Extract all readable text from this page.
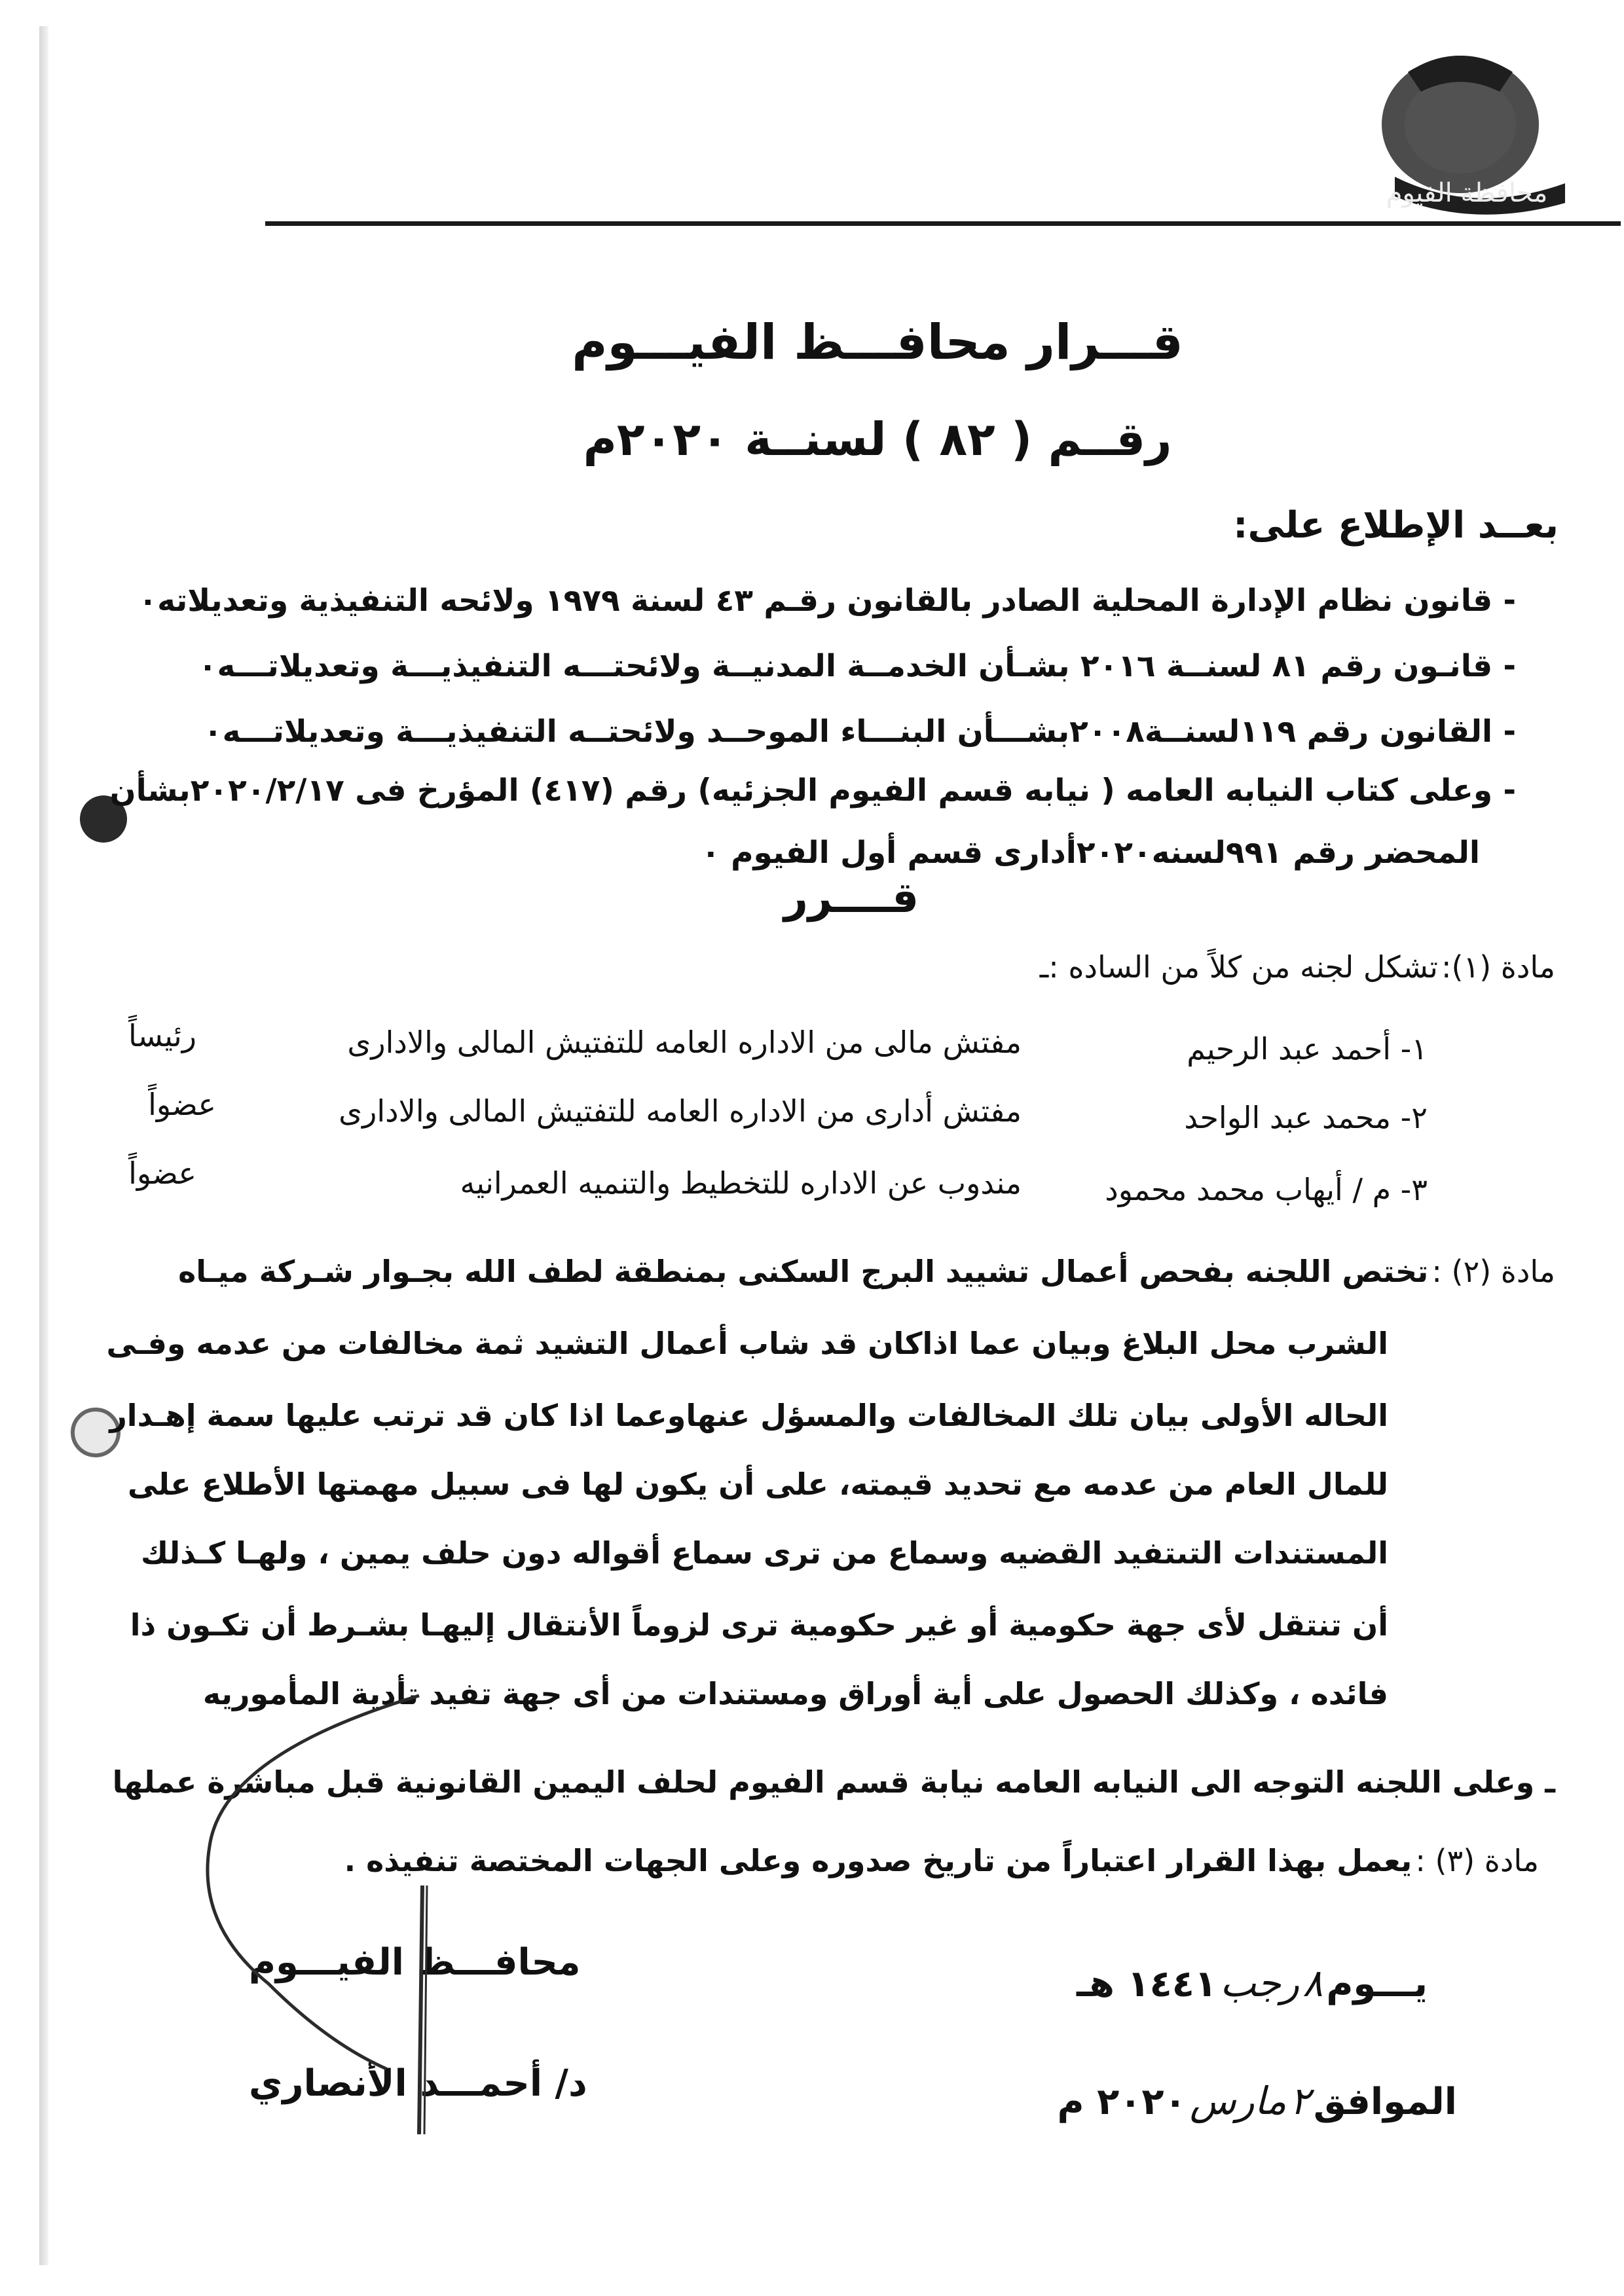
محافظة الفيوم
قـــرار محافـــظ الفيـــوم
رقــم ( ٨٢ ) لسنــة ٢٠٢٠م
بعــد الإطلاع على:
- قانون نظام الإدارة المحلية الصادر بالقانون رقـم ٤٣ لسنة ١٩٧٩ ولائحه التنفيذية وتعديلاته٠
- قانـون رقم ٨١ لسنــة ٢٠١٦ بشـأن الخدمــة المدنيــة ولائحتـــه التنفيذيـــة وتعديلاتـــه٠
- القانون رقم ١١٩لسنــة٢٠٠٨بشـــأن البنـــاء الموحــد ولائحتــه التنفيذيـــة وتعديلاتـــه٠
- وعلى كتاب النيابه العامه ( نيابه قسم الفيوم الجزئيه) رقم (٤١٧) المؤرخ فى ٢٠٢٠/٢/١٧بشأن
المحضر رقم ٩٩١لسنه٢٠٢٠أدارى قسم أول الفيوم ٠
قــــرر
مادة (١): تشكل لجنه من كلاً من الساده :ـ
١- أحمد عبد الرحيم
مفتش مالى من الاداره العامه للتفتيش المالى والادارى
رئيساً
٢- محمد عبد الواحد
مفتش أدارى من الاداره العامه للتفتيش المالى والادارى
عضواً
٣- م / أيهاب محمد محمود
مندوب عن الاداره للتخطيط والتنميه العمرانيه
عضواً
مادة (٢) : تختص اللجنه بفحص أعمال تشييد البرج السكنى بمنطقة لطف الله بجـوار شـركة ميـاه
الشرب محل البلاغ وبيان عما اذاكان قد شاب أعمال التشيد ثمة مخالفات من عدمه وفـى
الحاله الأولى بيان تلك المخالفات والمسؤل عنهاوعما اذا كان قد ترتب عليها سمة إهـدار
للمال العام من عدمه مع تحديد قيمته، على أن يكون لها فى سبيل مهمتها الأطلاع على
المستندات التىتفيد القضيه وسماع من ترى سماع أقواله دون حلف يمين ، ولهـا كـذلك
أن تنتقل لأى جهة حكومية أو غير حكومية ترى لزوماً الأنتقال إليهـا بشـرط أن تكـون ذا
فائده ، وكذلك الحصول على أية أوراق ومستندات من أى جهة تفيد تأدية المأموريه
ـ وعلى اللجنه التوجه الى النيابه العامه نيابة قسم الفيوم لحلف اليمين القانونية قبل مباشرة عملها
مادة (٣) : يعمل بهذا القرار اعتباراً من تاريخ صدوره وعلى الجهات المختصة تنفيذه .
يـــوم ٨ رجب ١٤٤١ هـ
الموافق ٢ مارس ٢٠٢٠ م
محافـــظ الفيـــوم
د/ أحمـــد الأنصاري
